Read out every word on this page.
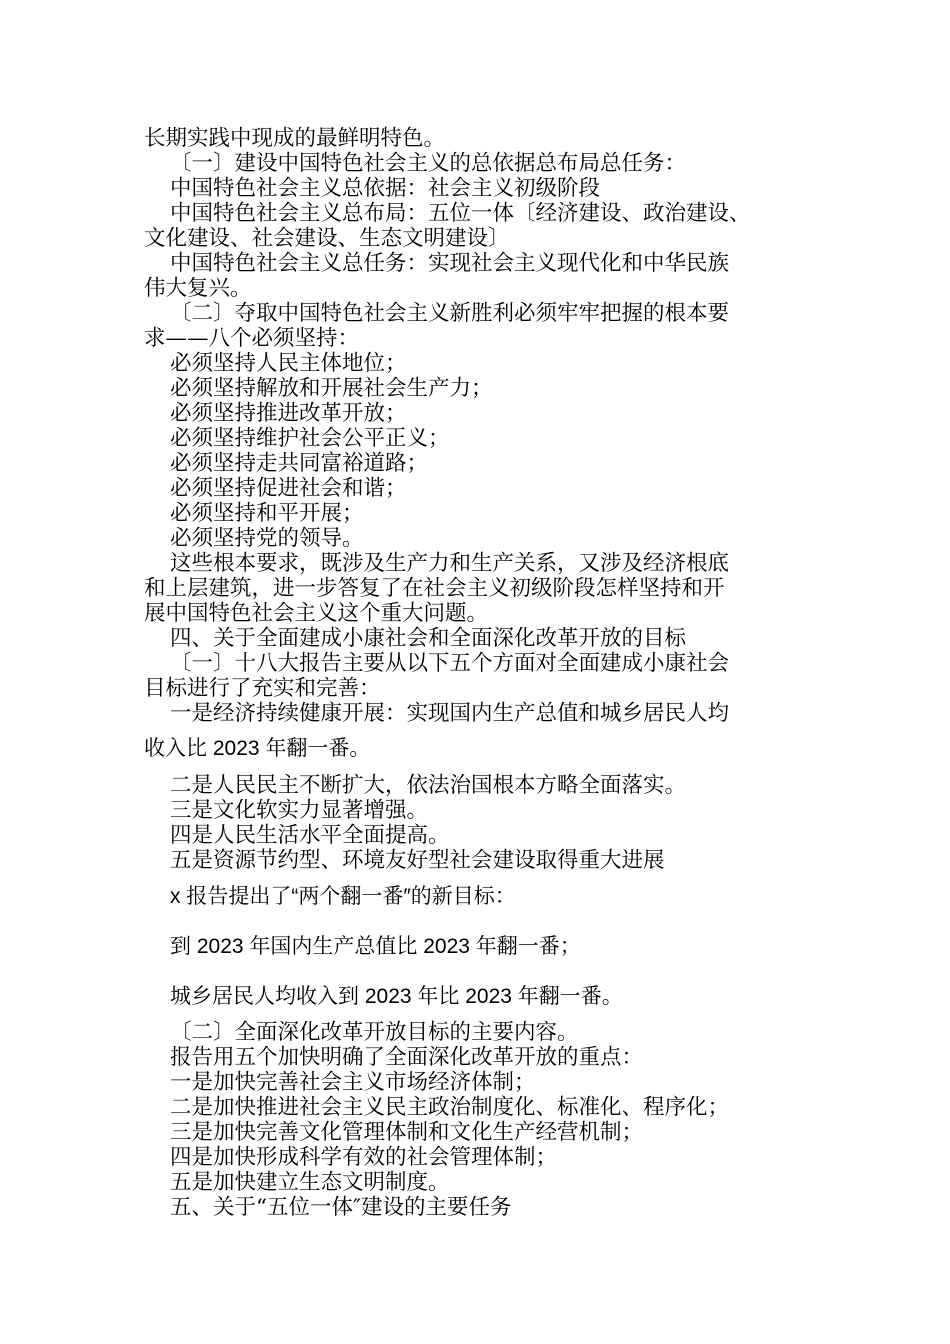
长期实践中现成的最鲜明特色。
〔一〕建设中国特色社会主义的总依据总布局总任务：
中国特色社会主义总依据：社会主义初级阶段
中国特色社会主义总布局：五位一体〔经济建设、政治建设、
文化建设、社会建设、生态文明建设〕
中国特色社会主义总任务：实现社会主义现代化和中华民族
伟大复兴。
〔二〕夺取中国特色社会主义新胜利必须牢牢把握的根本要
求——八个必须坚持：
必须坚持人民主体地位；
必须坚持解放和开展社会生产力；
必须坚持推进改革开放；
必须坚持维护社会公平正义；
必须坚持走共同富裕道路；
必须坚持促进社会和谐；
必须坚持和平开展；
必须坚持党的领导。
这些根本要求，既涉及生产力和生产关系，又涉及经济根底
和上层建筑，进一步答复了在社会主义初级阶段怎样坚持和开
展中国特色社会主义这个重大问题。
四、关于全面建成小康社会和全面深化改革开放的目标
〔一〕十八大报告主要从以下五个方面对全面建成小康社会
目标进行了充实和完善：
一是经济持续健康开展：实现国内生产总值和城乡居民人均
收入比 2023 年翻一番。
二是人民民主不断扩大，依法治国根本方略全面落实。
三是文化软实力显著增强。
四是人民生活水平全面提高。
五是资源节约型、环境友好型社会建设取得重大进展
x 报告提出了“两个翻一番″的新目标：
到 2023 年国内生产总值比 2023 年翻一番；
城乡居民人均收入到 2023 年比 2023 年翻一番。
〔二〕全面深化改革开放目标的主要内容。
报告用五个加快明确了全面深化改革开放的重点：
一是加快完善社会主义市场经济体制；
二是加快推进社会主义民主政治制度化、标准化、程序化；
三是加快完善文化管理体制和文化生产经营机制；
四是加快形成科学有效的社会管理体制；
五是加快建立生态文明制度。
五、关于“五位一体″建设的主要任务
